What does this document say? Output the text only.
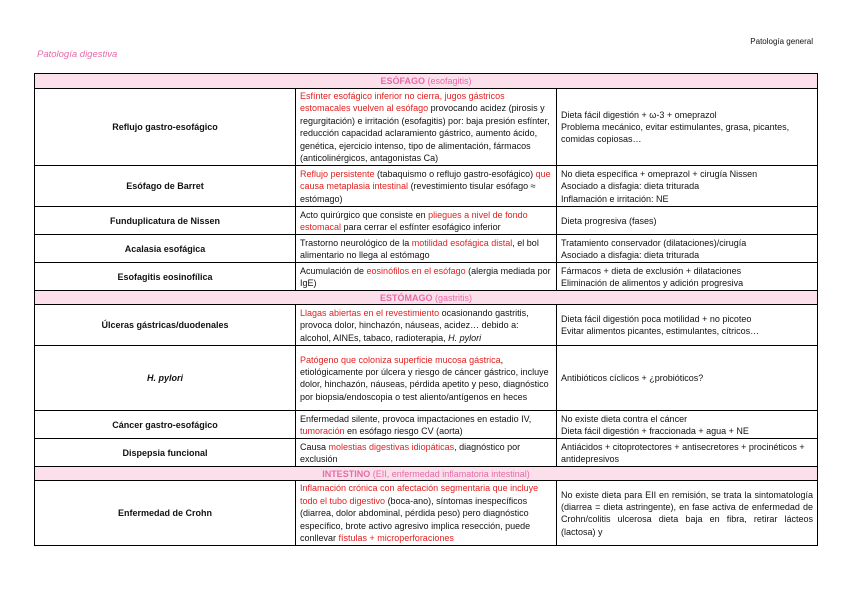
Patología general
Patología digestiva
ESÓFAGO (esofagitis)		
Reflujo gastro-esofágico	Esfínter esofágico inferior no cierra, jugos gástricos estomacales vuelven al esófago provocando acidez (pirosis y regurgitación) e irritación (esofagitis) por: baja presión esfínter, reducción capacidad aclaramiento gástrico, aumento ácido, genética, ejercicio intenso, tipo de alimentación, fármacos (anticolinérgicos, antagonistas Ca)	Dieta fácil digestión + ω-3 + omeprazol
Problema mecánico, evitar estimulantes, grasa, picantes, comidas copiosas…

Esófago de Barret	Reflujo persistente (tabaquismo o reflujo gastro-esofágico) que causa metaplasia intestinal (revestimiento tisular esófago ≈ estómago)	No dieta específica + omeprazol + cirugía Nissen
Asociado a disfagia: dieta triturada
Inflamación e irritación: NE

Funduplicatura de Nissen	Acto quirúrgico que consiste en pliegues a nivel de fondo estomacal para cerrar el esfínter esofágico inferior	Dieta progresiva (fases)

Acalasia esofágica	Trastorno neurológico de la motilidad esofágica distal, el bol alimentario no llega al estómago	Tratamiento conservador (dilataciones)/cirugía
Asociado a disfagia: dieta triturada

Esofagitis eosinofílica	Acumulación de eosinófilos en el esófago (alergia mediada por IgE)	Fármacos + dieta de exclusión + dilataciones
Eliminación de alimentos y adición progresiva

ESTÓMAGO (gastritis)		
Úlceras gástricas/duodenales	Llagas abiertas en el revestimiento ocasionando gastritis, provoca dolor, hinchazón, náuseas, acidez… debido a: alcohol, AINEs, tabaco, radioterapia, H. pylori	Dieta fácil digestión poca motilidad + no picoteo
Evitar alimentos picantes, estimulantes, cítricos…

H. pylori	Patógeno que coloniza superficie mucosa gástrica, etiológicamente por úlcera y riesgo de cáncer gástrico, incluye dolor, hinchazón, náuseas, pérdida apetito y peso, diagnóstico por biopsia/endoscopia o test aliento/antígenos en heces	Antibióticos cíclicos + ¿probióticos?

Cáncer gastro-esofágico	Enfermedad silente, provoca impactaciones en estadio IV, tumoración en esófago riesgo CV (aorta)	No existe dieta contra el cáncer
Dieta fácil digestión + fraccionada + agua + NE

Dispepsia funcional	Causa molestias digestivas idiopáticas, diagnóstico por exclusión	Antiácidos + citoprotectores + antisecretores + procinéticos + antidepresivos

INTESTINO (EII, enfermedad inflamatoria intestinal)		
Enfermedad de Crohn	Inflamación crónica con afectación segmentaria que incluye todo el tubo digestivo (boca-ano), síntomas inespecíficos (diarrea, dolor abdominal, pérdida peso) pero diagnóstico específico, brote activo agresivo implica resección, puede conllevar fístulas + microperforaciones	No existe dieta para EII en remisión, se trata la sintomatología (diarrea = dieta astringente), en fase activa de enfermedad de Crohn/colitis ulcerosa dieta baja en fibra, retirar lácteos (lactosa) y
